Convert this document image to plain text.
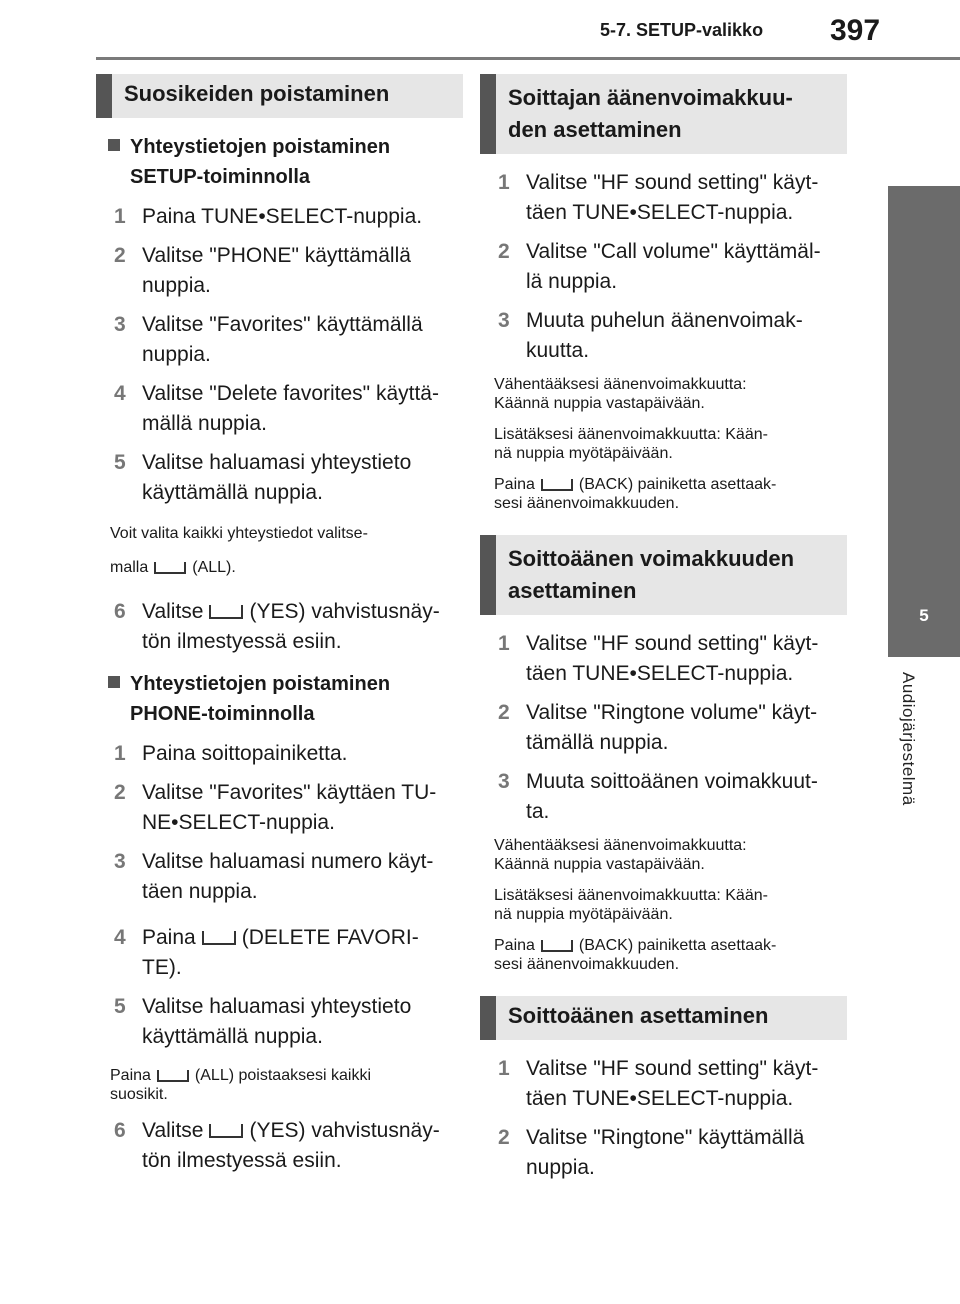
5-7. SETUP-valikko 397
5
Audiojärjestelmä
Suosikeiden poistaminen
Yhteystietojen poistaminen
SETUP-toiminnolla
1 Paina TUNE•SELECT-nuppia.
2 Valitse "PHONE" käyttämällä
nuppia.
3 Valitse "Favorites" käyttämällä
nuppia.
4 Valitse "Delete favorites" käyttä-
mällä nuppia.
5 Valitse haluamasi yhteystieto
käyttämällä nuppia.
Voit valita kaikki yhteystiedot valitse-
malla	(ALL).
6 Valitse (YES) vahvistusnäy-
tön ilmestyessä esiin.
Yhteystietojen poistaminen
PHONE-toiminnolla
1 Paina soittopainiketta.
2 Valitse "Favorites" käyttäen TU-
NE•SELECT-nuppia.
3 Valitse haluamasi numero käyt-
täen nuppia.
4 Paina (DELETE FAVORI-
TE).
5 Valitse haluamasi yhteystieto
käyttämällä nuppia.
Paina	(ALL) poistaaksesi kaikki
suosikit.
6 Valitse (YES) vahvistusnäy-
tön ilmestyessä esiin.
Soittajan äänenvoimakkuu-
den asettaminen
1 Valitse "HF sound setting" käyt-
täen TUNE•SELECT-nuppia.
2 Valitse "Call volume" käyttämäl-
lä nuppia.
3 Muuta puhelun äänenvoimak-
kuutta.
Vähentääksesi äänenvoimakkuutta:
Käännä nuppia vastapäivään.
Lisätäksesi äänenvoimakkuutta: Kään-
nä nuppia myötäpäivään.
Paina	(BACK) painiketta asettaak-
sesi äänenvoimakkuuden.
Soittoäänen voimakkuuden
asettaminen
1 Valitse "HF sound setting" käyt-
täen TUNE•SELECT-nuppia.
2 Valitse "Ringtone volume" käyt-
tämällä nuppia.
3 Muuta soittoäänen voimakkuut-
ta.
Vähentääksesi äänenvoimakkuutta:
Käännä nuppia vastapäivään.
Lisätäksesi äänenvoimakkuutta: Kään-
nä nuppia myötäpäivään.
Paina	(BACK) painiketta asettaak-
sesi äänenvoimakkuuden.
Soittoäänen asettaminen
1 Valitse "HF sound setting" käyt-
täen TUNE•SELECT-nuppia.
2 Valitse "Ringtone" käyttämällä
nuppia.
